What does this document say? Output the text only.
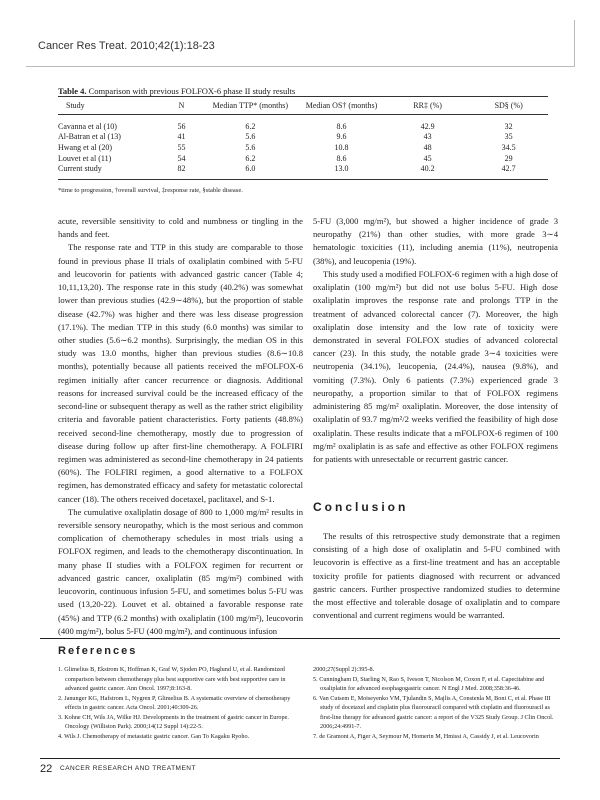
Cancer Res Treat. 2010;42(1):18-23
Table 4. Comparison with previous FOLFOX-6 phase II study results
Study	N	Median TTP* (months)	Median OS† (months)	RR‡ (%)	SD§ (%)
Cavanna et al (10)	56	6.2	8.6	42.9	32
Al-Batran et al (13)	41	5.6	9.6	43	35
Hwang et al (20)	55	5.6	10.8	48	34.5
Louvet et al (11)	54	6.2	8.6	45	29
Current study	82	6.0	13.0	40.2	42.7
*time to progression, †overall survival, ‡response rate, §stable disease.

acute, reversible sensitivity to cold and numbness or tingling in the hands and feet.

The response rate and TTP in this study are comparable to those found in previous phase II trials of oxaliplatin combined with 5-FU and leucovorin for patients with advanced gastric cancer (Table 4; 10,11,13,20). The response rate in this study (40.2%) was somewhat lower than previous studies (42.9∼48%), but the proportion of stable disease (42.7%) was higher and there was less disease progression (17.1%). The median TTP in this study (6.0 months) was similar to other studies (5.6∼6.2 months). Surprisingly, the median OS in this study was 13.0 months, higher than previous studies (8.6∼10.8 months), potentially because all patients received the mFOLFOX-6 regimen initially after cancer recurrence or diagnosis. Additional reasons for increased survival could be the increased efficacy of the second-line or subsequent therapy as well as the rather strict eligibility criteria and favorable patient characteristics. Forty patients (48.8%) received second-line chemotherapy, mostly due to progression of disease during follow up after first-line chemotherapy. A FOLFIRI regimen was administered as second-line chemotherapy in 24 patients (60%). The FOLFIRI regimen, a good alternative to a FOLFOX regimen, has demonstrated efficacy and safety for metastatic colorectal cancer (18). The others received docetaxel, paclitaxel, and S-1.

The cumulative oxaliplatin dosage of 800 to 1,000 mg/m² results in reversible sensory neuropathy, which is the most serious and common complication of chemotherapy schedules in most trials using a FOLFOX regimen, and leads to the chemotherapy discontinuation. In many phase II studies with a FOLFOX regimen for recurrent or advanced gastric cancer, oxaliplatin (85 mg/m²) combined with leucovorin, continuous infusion 5-FU, and sometimes bolus 5-FU was used (13,20-22). Louvet et al. obtained a favorable response rate (45%) and TTP (6.2 months) with oxaliplatin (100 mg/m²), leucovorin (400 mg/m²), bolus 5-FU (400 mg/m²), and continuous infusion

5-FU (3,000 mg/m²), but showed a higher incidence of grade 3 neuropathy (21%) than other studies, with more grade 3∼4 hematologic toxicities (11), including anemia (11%), neutropenia (38%), and leucopenia (19%).

This study used a modified FOLFOX-6 regimen with a high dose of oxaliplatin (100 mg/m²) but did not use bolus 5-FU. High dose oxaliplatin improves the response rate and prolongs TTP in the treatment of advanced colorectal cancer (7). Moreover, the high oxaliplatin dose intensity and the low rate of toxicity were demonstrated in several FOLFOX studies of advanced colorectal cancer (23). In this study, the notable grade 3∼4 toxicities were neutropenia (34.1%), leucopenia, (24.4%), nausea (9.8%), and vomiting (7.3%). Only 6 patients (7.3%) experienced grade 3 neuropathy, a proportion similar to that of FOLFOX regimens administering 85 mg/m² oxaliplatin. Moreover, the dose intensity of oxaliplatin of 93.7 mg/m²/2 weeks verified the feasibility of high dose oxaliplatin. These results indicate that a mFOLFOX-6 regimen of 100 mg/m² oxaliplatin is as safe and effective as other FOLFOX regimens for patients with unresectable or recurrent gastric cancer.

Conclusion

The results of this retrospective study demonstrate that a regimen consisting of a high dose of oxaliplatin and 5-FU combined with leucovorin is effective as a first-line treatment and has an acceptable toxicity profile for patients diagnosed with recurrent or advanced gastric cancers. Further prospective randomized studies to determine the most effective and tolerable dosage of oxaliplatin and to compare conventional and current regimens would be warranted.

References
1. Glimelius B, Ekstrom K, Hoffman K, Graf W, Sjoden PO, Haglund U, et al. Randomized comparison between chemotherapy plus best supportive care with best supportive care in advanced gastric cancer. Ann Oncol. 1997;8:163-8.
2. Janunger KG, Hafstrom L, Nygren P, Glimelius B. A systematic overview of chemotherapy effects in gastric cancer. Acta Oncol. 2001;40:309-26.
3. Kohne CH, Wils JA, Wilke HJ. Developments in the treatment of gastric cancer in Europe. Oncology (Williston Park). 2000;14(12 Suppl 14):22-5.
4. Wils J. Chemotherapy of metastatic gastric cancer. Gan To Kagaku Ryoho.
2000;27(Suppl 2):395-8.
5. Cunningham D, Starling N, Rao S, Iveson T, Nicolson M, Coxon F, et al. Capecitabine and oxaliplatin for advanced esophagogastric cancer. N Engl J Med. 2008;358:36-46.
6. Van Cutsem E, Moiseyenko VM, Tjulandin S, Majlis A, Constenla M, Boni C, et al. Phase III study of docetaxel and cisplatin plus fluorouracil compared with cisplatin and fluorouracil as first-line therapy for advanced gastric cancer: a report of the V325 Study Group. J Clin Oncol. 2006;24:4991-7.
7. de Gramont A, Figer A, Seymour M, Homerin M, Hmissi A, Cassidy J, et al. Leucovorin
22 CANCER RESEARCH AND TREATMENT
